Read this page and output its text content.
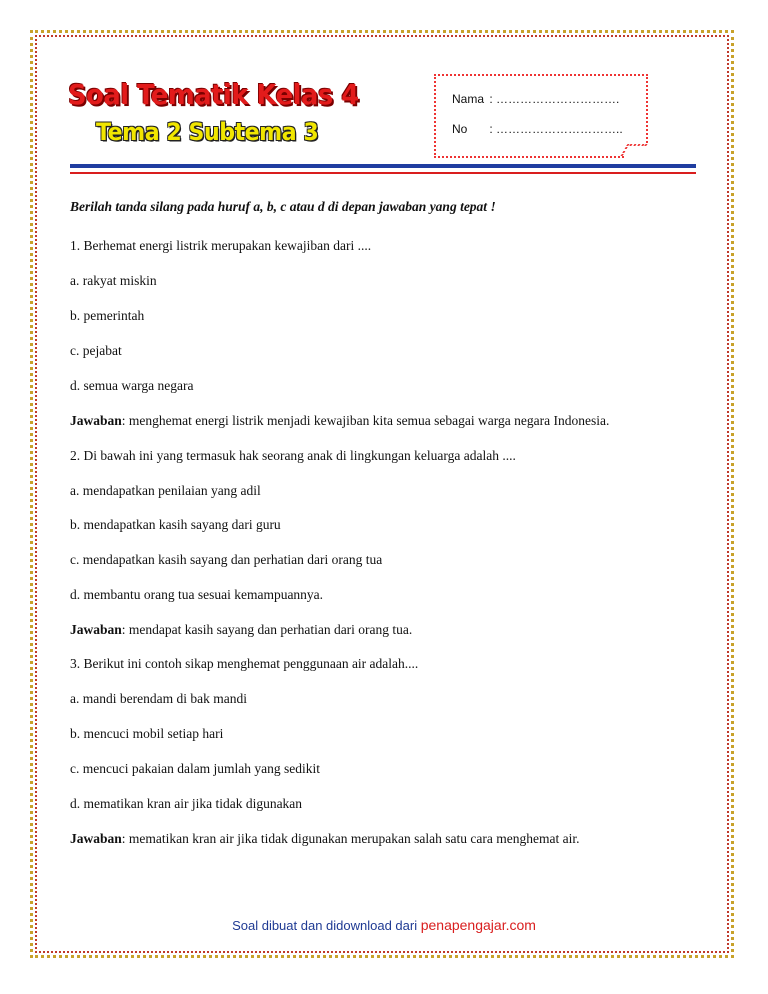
Soal Tematik Kelas 4
Tema 2 Subtema 3
Nama : ………………………….
No : …………………………..

Berilah tanda silang pada huruf a, b, c atau d di depan jawaban yang tepat !

1. Berhemat energi listrik merupakan kewajiban dari ....

a. rakyat miskin

b. pemerintah

c. pejabat

d. semua warga negara

Jawaban: menghemat energi listrik menjadi kewajiban kita semua sebagai warga negara Indonesia.

2. Di bawah ini yang termasuk hak seorang anak di lingkungan keluarga adalah ....

a. mendapatkan penilaian yang adil

b. mendapatkan kasih sayang dari guru

c. mendapatkan kasih sayang dan perhatian dari orang tua

d. membantu orang tua sesuai kemampuannya.

Jawaban: mendapat kasih sayang dan perhatian dari orang tua.

3. Berikut ini contoh sikap menghemat penggunaan air adalah....

a. mandi berendam di bak mandi

b. mencuci mobil setiap hari

c. mencuci pakaian dalam jumlah yang sedikit

d. mematikan kran air jika tidak digunakan

Jawaban: mematikan kran air jika tidak digunakan merupakan salah satu cara menghemat air.

Soal dibuat dan didownload dari penapengajar.com
